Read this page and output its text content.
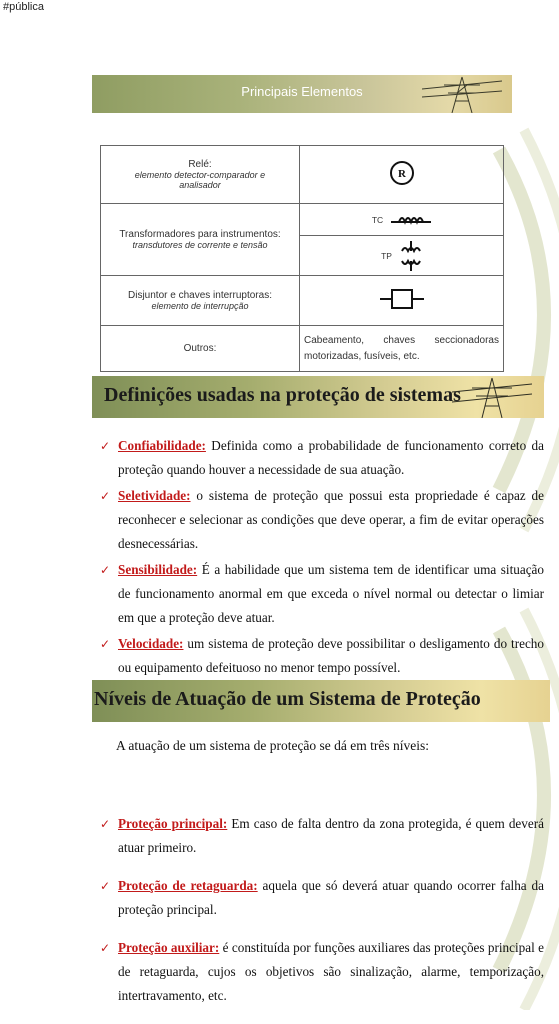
#pública
Principais Elementos
Relé:
elemento detector-comparador e
analisador	R

Transformadores para instrumentos:
transdutores de corrente e tensão	TC

	TP

Disjuntor e chaves interruptoras:
elemento de interrupção

Outros:	Cabeamento, chaves seccionadoras motorizadas, fusíveis, etc.
Definições usadas na proteção de sistemas
✓ Confiabilidade: Definida como a probabilidade de funcionamento correto da proteção quando houver a necessidade de sua atuação.
✓ Seletividade: o sistema de proteção que possui esta propriedade é capaz de reconhecer e selecionar as condições que deve operar, a fim de evitar operações desnecessárias.
✓ Sensibilidade: É a habilidade que um sistema tem de identificar uma situação de funcionamento anormal em que exceda o nível normal ou detectar o limiar em que a proteção deve atuar.
✓ Velocidade: um sistema de proteção deve possibilitar o desligamento do trecho ou equipamento defeituoso no menor tempo possível.
Níveis de Atuação de um Sistema de Proteção
A atuação de um sistema de proteção se dá em três níveis:
✓ Proteção principal: Em caso de falta dentro da zona protegida, é quem deverá atuar primeiro.
✓ Proteção de retaguarda: aquela que só deverá atuar quando ocorrer falha da proteção principal.
✓ Proteção auxiliar: é constituída por funções auxiliares das proteções principal e de retaguarda, cujos os objetivos são sinalização, alarme, temporização, intertravamento, etc.
